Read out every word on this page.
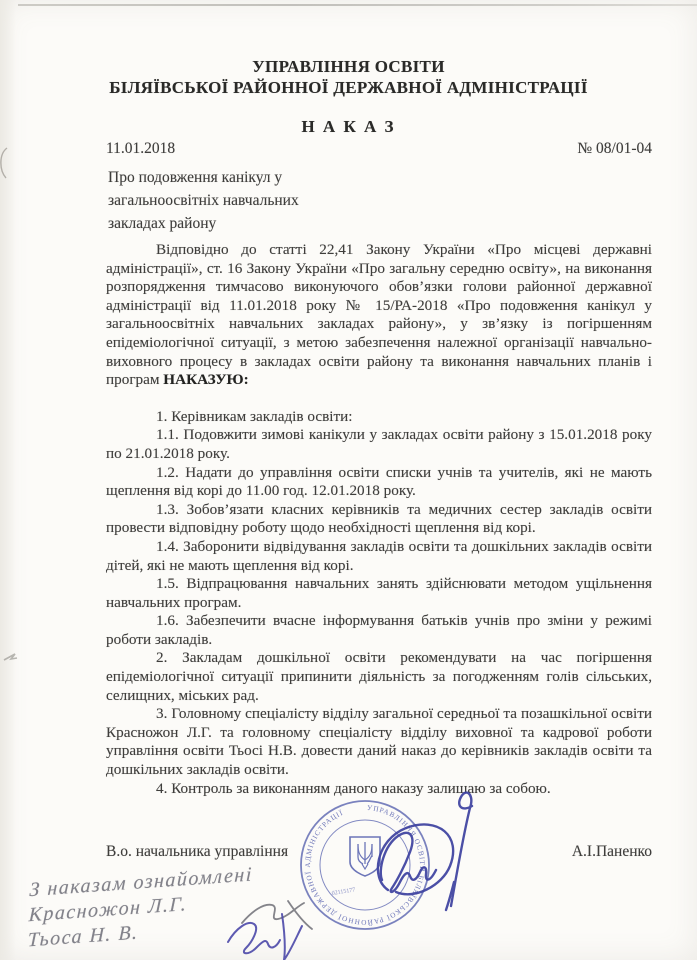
УПРАВЛІННЯ ОСВІТИ
БІЛЯЇВСЬКОЇ РАЙОННОЇ ДЕРЖАВНОЇ АДМІНІСТРАЦІЇ
Н А К А З
11.01.2018	№ 08/01-04
Про подовження канікул у
загальноосвітніх навчальних
закладах району

Відповідно до статті 22,41 Закону України «Про місцеві державні адміністрації», ст. 16 Закону України «Про загальну середню освіту», на виконання розпорядження тимчасово виконуючого обов’язки голови районної державної адміністрації від 11.01.2018 року № 15/РА-2018 «Про подовження канікул у загальноосвітніх навчальних закладах району», у зв’язку із погіршенням епідеміологічної ситуації, з метою забезпечення належної організації навчально-виховного процесу в закладах освіти району та виконання навчальних планів і програм НАКАЗУЮ:

1. Керівникам закладів освіти:

1.1. Подовжити зимові канікули у закладах освіти району з 15.01.2018 року по 21.01.2018 року.

1.2. Надати до управління освіти списки учнів та учителів, які не мають щеплення від корі до 11.00 год. 12.01.2018 року.

1.3. Зобов’язати класних керівників та медичних сестер закладів освіти провести відповідну роботу щодо необхідності щеплення від корі.

1.4. Заборонити відвідування закладів освіти та дошкільних закладів освіти дітей, які не мають щеплення від корі.

1.5. Відпрацювання навчальних занять здійснювати методом ущільнення навчальних програм.

1.6. Забезпечити вчасне інформування батьків учнів про зміни у режимі роботи закладів.

2. Закладам дошкільної освіти рекомендувати на час погіршення епідеміологічної ситуації припинити діяльність за погодженням голів сільських, селищних, міських рад.

3. Головному спеціалісту відділу загальної середньої та позашкільної освіти Красножон Л.Г. та головному спеціалісту відділу виховної та кадрової роботи управління освіти Тьосі Н.В. довести даний наказ до керівників закладів освіти та дошкільних закладів освіти.

4. Контроль за виконанням даного наказу залишаю за собою.

В.о. начальника управління	А.І.Паненко
УПРАВЛІННЯ ОСВІТИ БІЛЯЇВСЬКОЇ РАЙОННОЇ ДЕРЖАВНОЇ АДМІНІСТРАЦІЇ
02115177
З наказам ознайомлені
Красножон Л.Г.
Тьоса Н. В.
